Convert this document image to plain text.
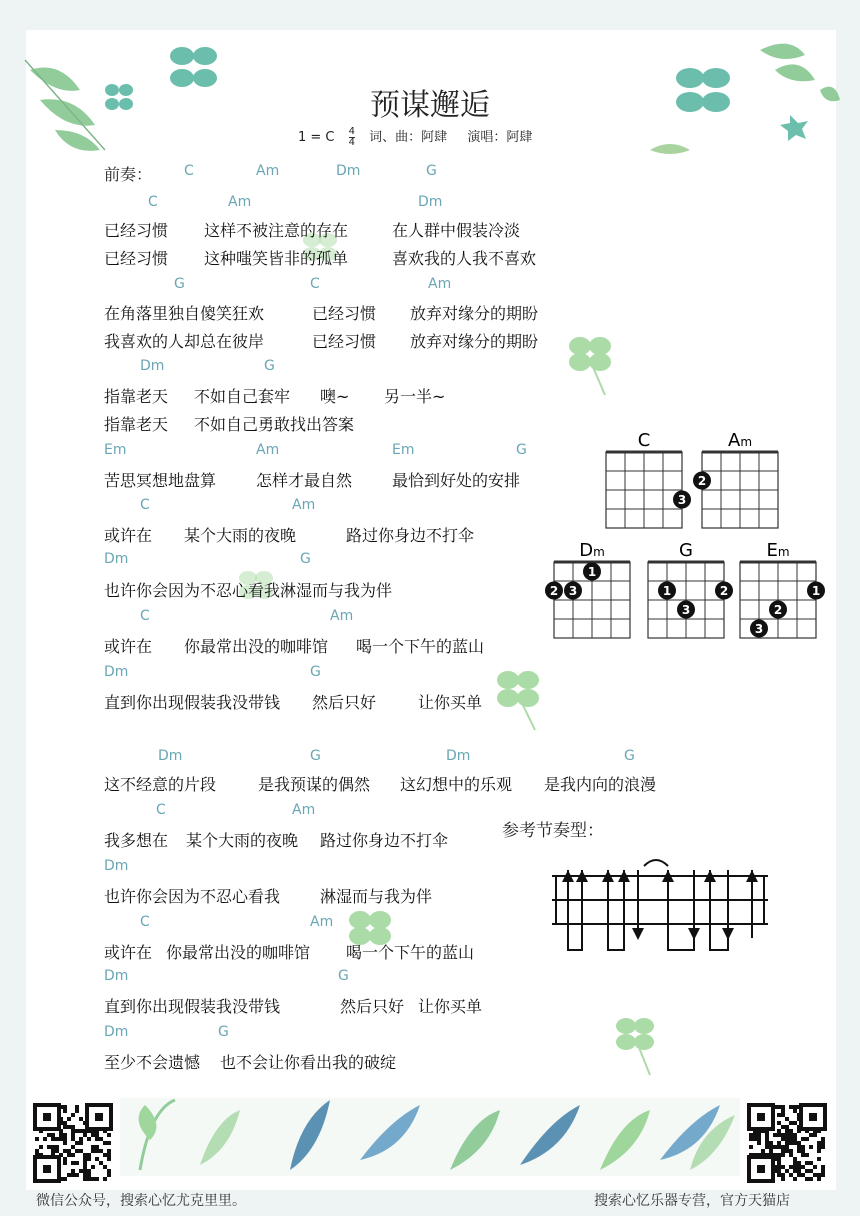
预谋邂逅
1 = C $\frac{4}{4}$ 词、曲：阿肆 演唱：阿肆
前奏： C	Am	Dm	G
C	Am	Dm
已经习惯 这样不被注意的存在	在人群中假装冷淡
已经习惯 这种嗤笑皆非的孤单	喜欢我的人我不喜欢
G	C	Am
在角落里独自傻笑狂欢	已经习惯 放弃对缘分的期盼
我喜欢的人却总在彼岸	已经习惯 放弃对缘分的期盼
Dm	G
指靠老天 不如自己套牢 噢~ 另一半~
指靠老天 不如自己勇敢找出答案
Em	Am	Em	G
苦思冥想地盘算 怎样才最自然 最恰到好处的安排
C	Am
或许在 某个大雨的夜晚	路过你身边不打伞
Dm	G
也许你会因为不忍心看我淋湿而与我为伴
C	Am
或许在 你最常出没的咖啡馆 喝一个下午的蓝山
Dm	G
直到你出现假装我没带钱 然后只好	让你买单
Dm	G	Dm	G
这不经意的片段	是我预谋的偶然 这幻想中的乐观 是我内向的浪漫
C	Am
我多想在 某个大雨的夜晚 路过你身边不打伞
Dm
也许你会因为不忍心看我 淋湿而与我为伴
C	Am
或许在 你最常出没的咖啡馆 喝一个下午的蓝山
Dm	G
直到你出现假装我没带钱	然后只好 让你买单
Dm	G
至少不会遗憾 也不会让你看出我的破绽
C
3
Am
2
Dm
2 3
1
G
1
3
2
Em
3
2
1
参考节奏型：
微信公众号，搜索心忆尤克里里。	搜索心忆乐器专营，官方天猫店
